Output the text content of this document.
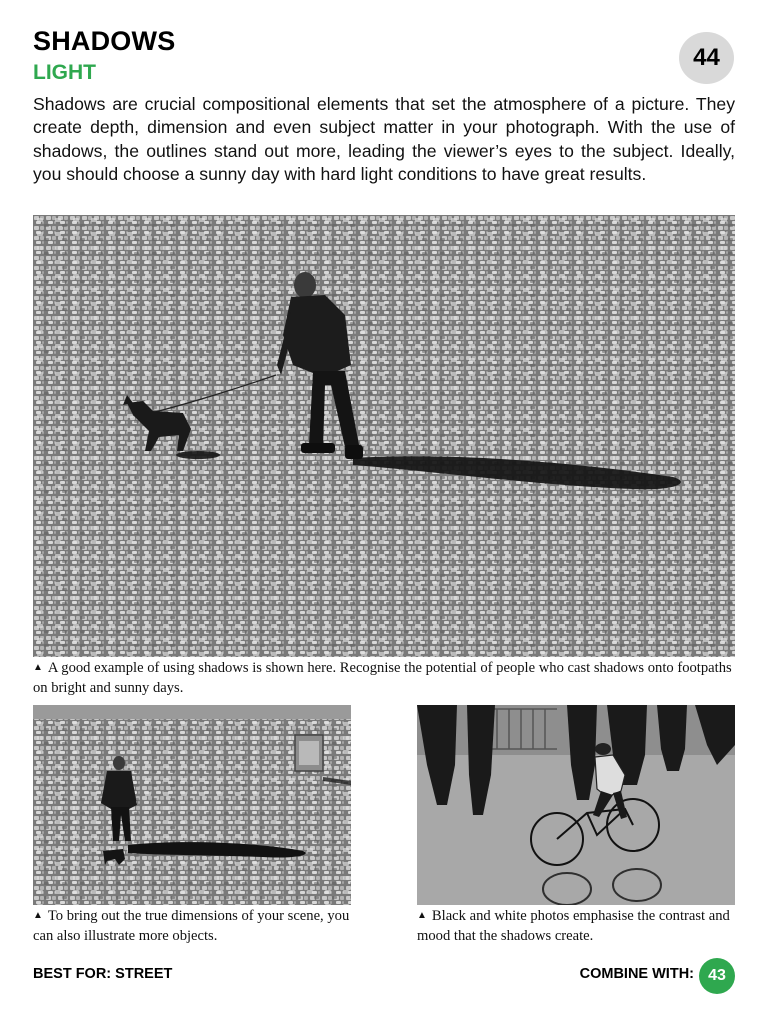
SHADOWS
LIGHT
44
Shadows are crucial compositional elements that set the atmosphere of a picture. They create depth, dimension and even subject matter in your photograph. With the use of shadows, the outlines stand out more, leading the viewer’s eyes to the subject. Ideally, you should choose a sunny day with hard light conditions to have great results.
▲ A good example of using shadows is shown here. Recognise the potential of people who cast shadows onto footpaths on bright and sunny days.
▲ To bring out the true dimensions of your scene, you can also illustrate more objects.
▲ Black and white photos emphasise the contrast and mood that the shadows create.
BEST FOR: STREET	COMBINE WITH: 43
